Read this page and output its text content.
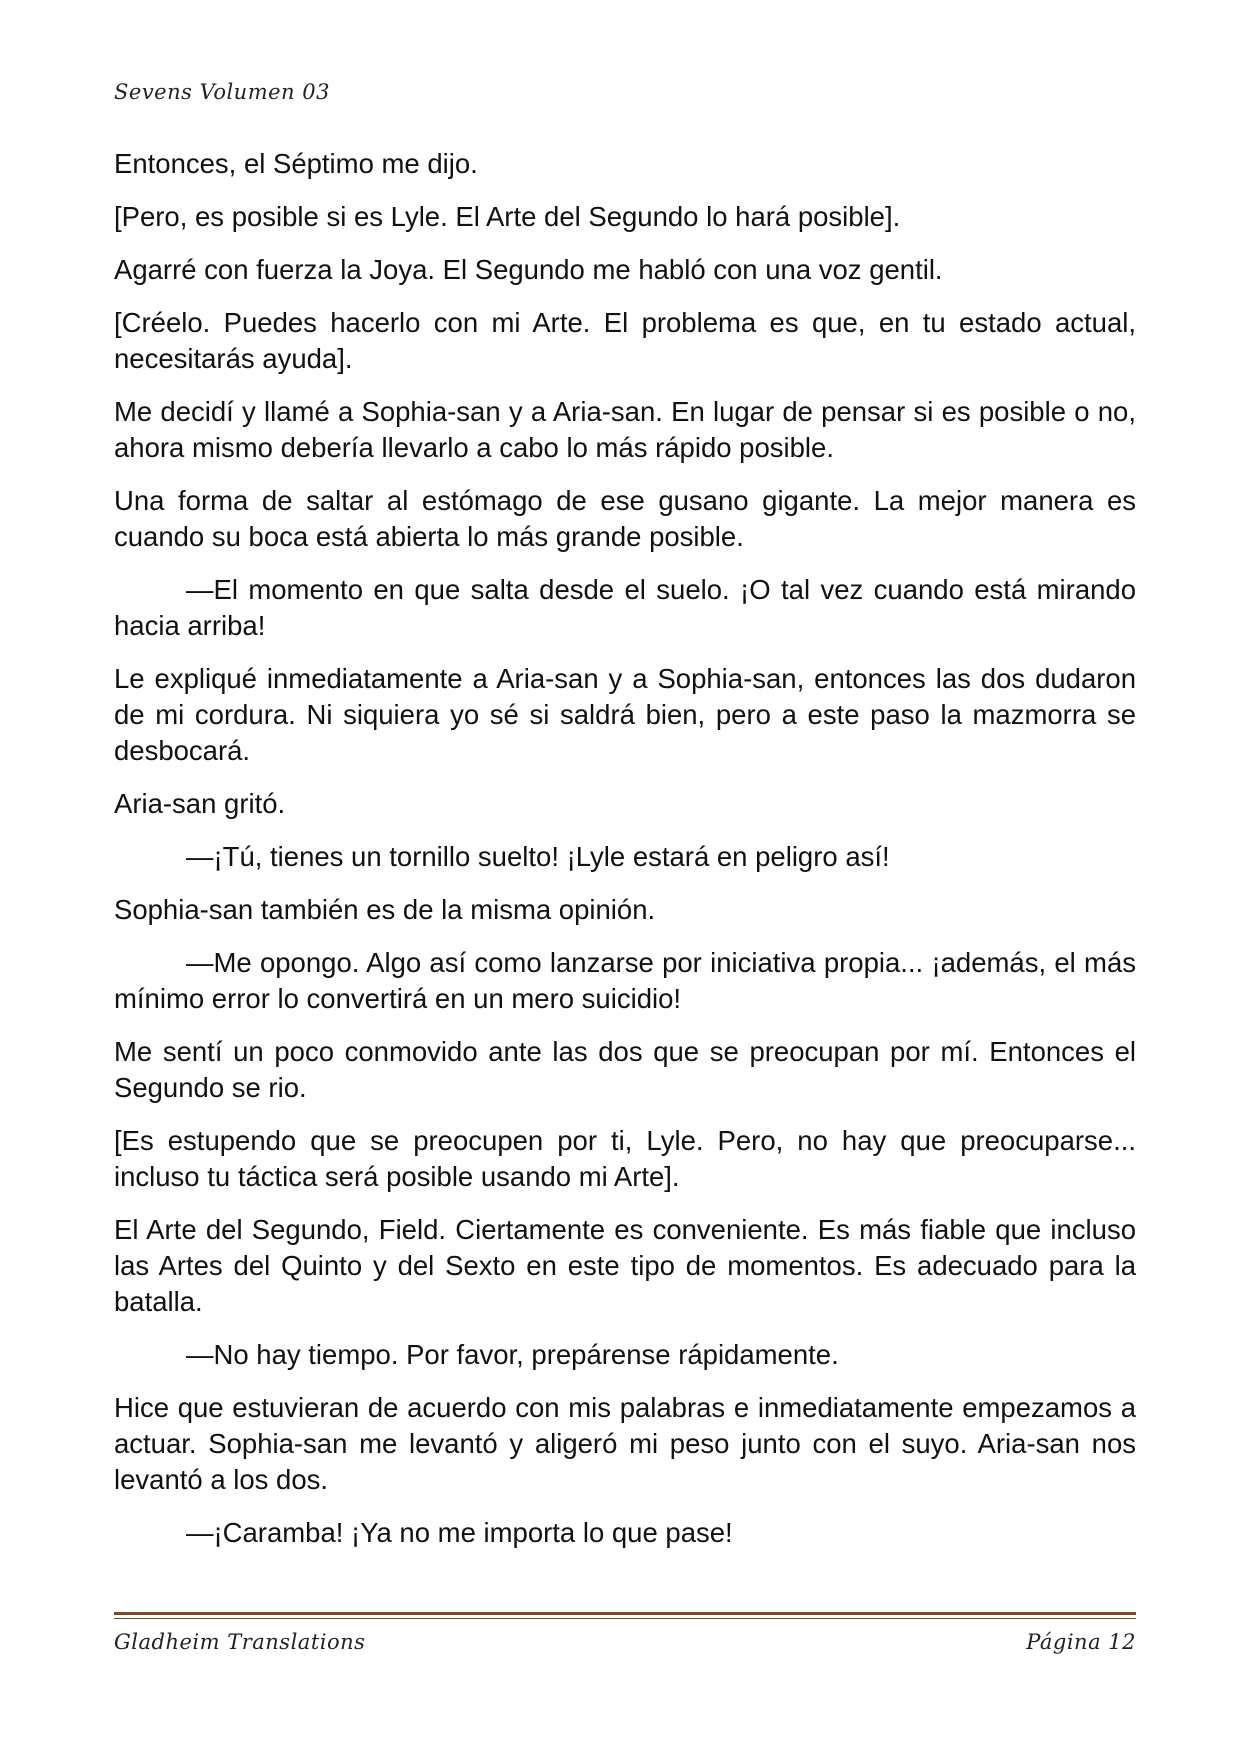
Sevens Volumen 03

Entonces, el Séptimo me dijo.

[Pero, es posible si es Lyle. El Arte del Segundo lo hará posible].

Agarré con fuerza la Joya. El Segundo me habló con una voz gentil.

[Créelo. Puedes hacerlo con mi Arte. El problema es que, en tu estado actual, necesitarás ayuda].

Me decidí y llamé a Sophia-san y a Aria-san. En lugar de pensar si es posible o no, ahora mismo debería llevarlo a cabo lo más rápido posible.

Una forma de saltar al estómago de ese gusano gigante. La mejor manera es cuando su boca está abierta lo más grande posible.

—El momento en que salta desde el suelo. ¡O tal vez cuando está mirando hacia arriba!

Le expliqué inmediatamente a Aria-san y a Sophia-san, entonces las dos dudaron de mi cordura. Ni siquiera yo sé si saldrá bien, pero a este paso la mazmorra se desbocará.

Aria-san gritó.

—¡Tú, tienes un tornillo suelto! ¡Lyle estará en peligro así!

Sophia-san también es de la misma opinión.

—Me opongo. Algo así como lanzarse por iniciativa propia... ¡además, el más mínimo error lo convertirá en un mero suicidio!

Me sentí un poco conmovido ante las dos que se preocupan por mí. Entonces el Segundo se rio.

[Es estupendo que se preocupen por ti, Lyle. Pero, no hay que preocuparse... incluso tu táctica será posible usando mi Arte].

El Arte del Segundo, Field. Ciertamente es conveniente. Es más fiable que incluso las Artes del Quinto y del Sexto en este tipo de momentos. Es adecuado para la batalla.

—No hay tiempo. Por favor, prepárense rápidamente.

Hice que estuvieran de acuerdo con mis palabras e inmediatamente empezamos a actuar. Sophia-san me levantó y aligeró mi peso junto con el suyo. Aria-san nos levantó a los dos.

—¡Caramba! ¡Ya no me importa lo que pase!

Gladheim Translations	Página 12
